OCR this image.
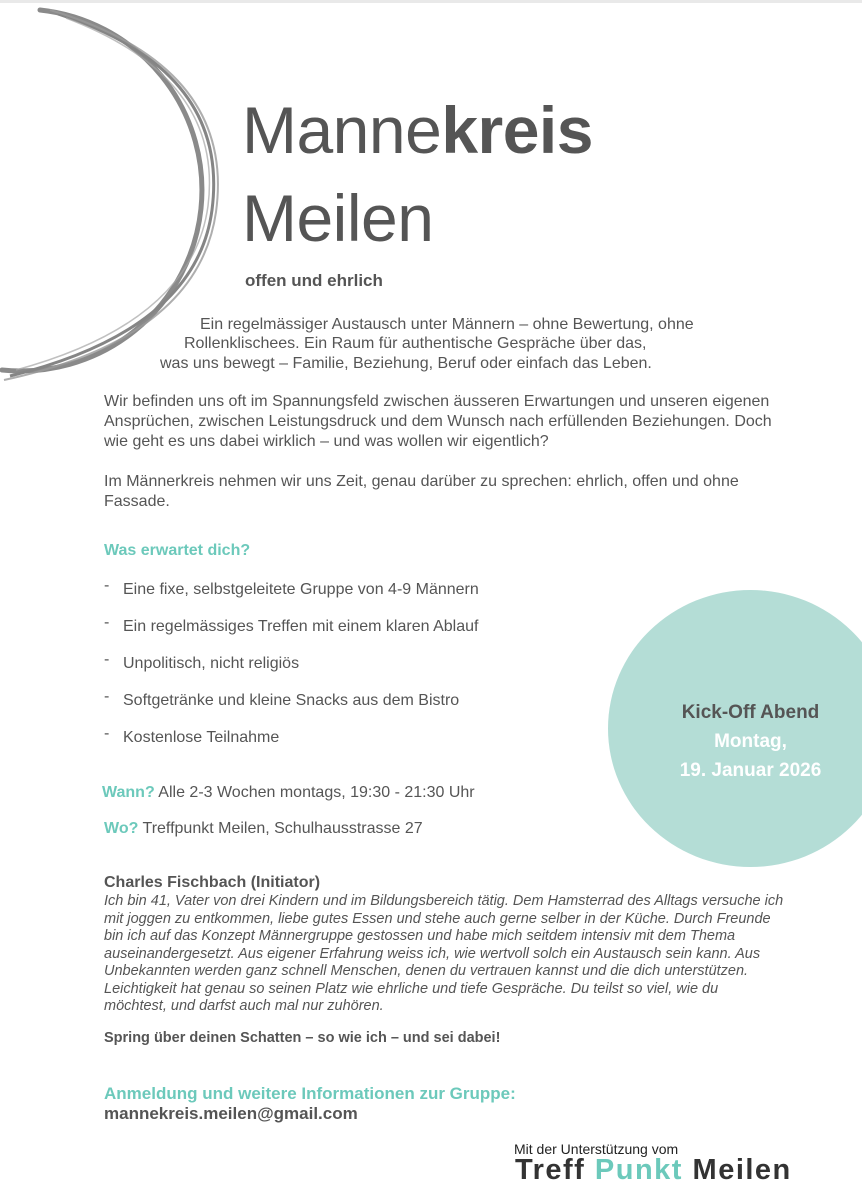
Mannekreis
Meilen
offen und ehrlich
Ein regelmässiger Austausch unter Männern – ohne Bewertung, ohne
Rollenklischees. Ein Raum für authentische Gespräche über das,
was uns bewegt – Familie, Beziehung, Beruf oder einfach das Leben.
Wir befinden uns oft im Spannungsfeld zwischen äusseren Erwartungen und unseren eigenen Ansprüchen, zwischen Leistungsdruck und dem Wunsch nach erfüllenden Beziehungen. Doch wie geht es uns dabei wirklich – und was wollen wir eigentlich?
Im Männerkreis nehmen wir uns Zeit, genau darüber zu sprechen: ehrlich, offen und ohne Fassade.
Was erwartet dich?
- Eine fixe, selbstgeleitete Gruppe von 4-9 Männern
- Ein regelmässiges Treffen mit einem klaren Ablauf
- Unpolitisch, nicht religiös
- Softgetränke und kleine Snacks aus dem Bistro
- Kostenlose Teilnahme
Wann? Alle 2-3 Wochen montags, 19:30 - 21:30 Uhr
Wo? Treffpunkt Meilen, Schulhausstrasse 27
Kick-Off Abend
Montag,
19. Januar 2026
Charles Fischbach (Initiator)
Ich bin 41, Vater von drei Kindern und im Bildungsbereich tätig. Dem Hamsterrad des Alltags versuche ich mit joggen zu entkommen, liebe gutes Essen und stehe auch gerne selber in der Küche. Durch Freunde bin ich auf das Konzept Männergruppe gestossen und habe mich seitdem intensiv mit dem Thema auseinandergesetzt. Aus eigener Erfahrung weiss ich, wie wertvoll solch ein Austausch sein kann. Aus Unbekannten werden ganz schnell Menschen, denen du vertrauen kannst und die dich unterstützen. Leichtigkeit hat genau so seinen Platz wie ehrliche und tiefe Gespräche. Du teilst so viel, wie du möchtest, und darfst auch mal nur zuhören.
Spring über deinen Schatten – so wie ich – und sei dabei!
Anmeldung und weitere Informationen zur Gruppe:
mannekreis.meilen@gmail.com
Mit der Unterstützung vom
Treff Punkt Meilen
